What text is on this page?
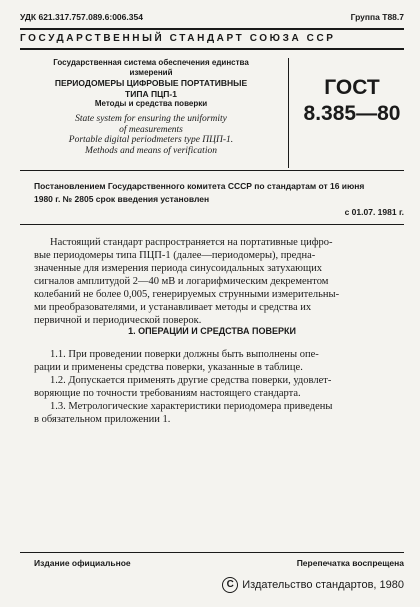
УДК 621.317.757.089.6:006.354	Группа Т88.7
ГОСУДАРСТВЕННЫЙ СТАНДАРТ СОЮЗА ССР
Государственная система обеспечения единства
измерений
ПЕРИОДОМЕРЫ ЦИФРОВЫЕ ПОРТАТИВНЫЕ
ТИПА ПЦП-1
Методы и средства поверки
State system for ensuring the uniformity
of measurements
Portable digital periodmeters type ПЦП-1.
Methods and means of verification
ГОСТ
8.385—80
Постановлением Государственного комитета СССР по стандартам от 16 июня
1980 г. № 2805 срок введения установлен
с 01.07. 1981 г.
Настоящий стандарт распространяется на портативные цифро-
вые периодомеры типа ПЦП-1 (далее—периодомеры), предна-
значенные для измерения периода синусоидальных затухающих
сигналов амплитудой 2—40 мВ и логарифмическим декрементом
колебаний не более 0,005, генерируемых струнными измерительны-
ми преобразователями, и устанавливает методы и средства их
первичной и периодической поверок.
1. ОПЕРАЦИИ И СРЕДСТВА ПОВЕРКИ
1.1. При проведении поверки должны быть выполнены опе-
рации и применены средства поверки, указанные в таблице.
1.2. Допускается применять другие средства поверки, удовлет-
воряющие по точности требованиям настоящего стандарта.
1.3. Метрологические характеристики периодомера приведены
в обязательном приложении 1.
Издание официальное	Перепечатка воспрещена
С Издательство стандартов, 1980
